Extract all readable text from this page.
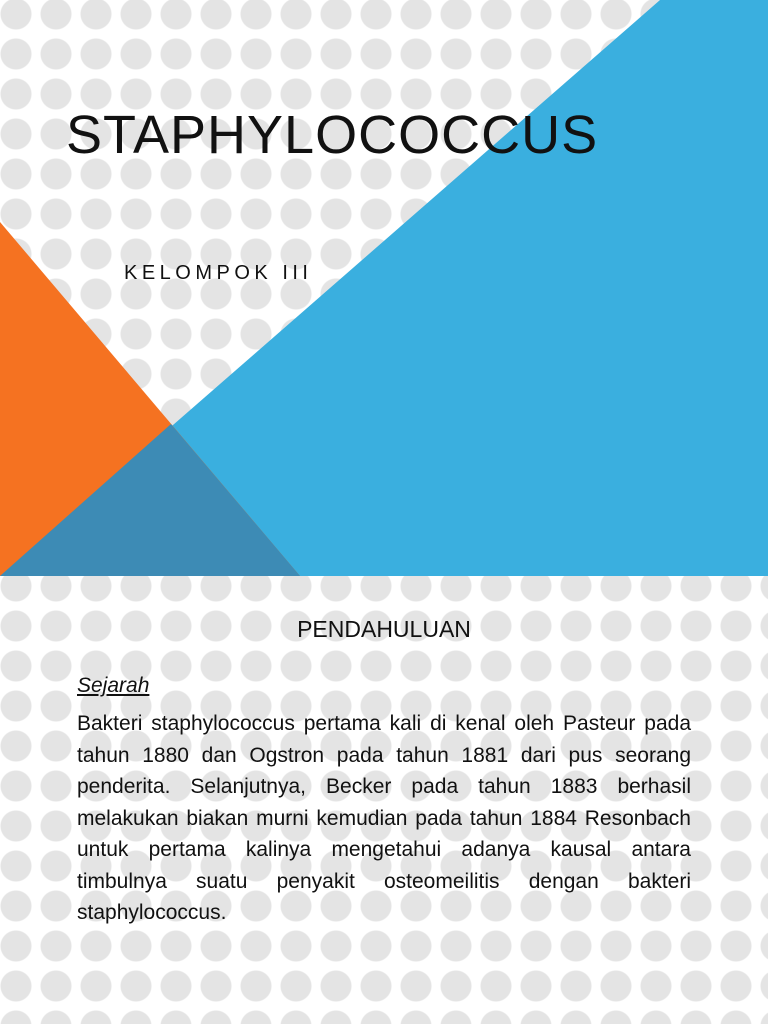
STAPHYLOCOCCUS

KELOMPOK III

PENDAHULUAN

Sejarah

Bakteri staphylococcus pertama kali di kenal oleh Pasteur pada tahun 1880 dan Ogstron pada tahun 1881 dari pus seorang penderita. Selanjutnya, Becker pada tahun 1883 berhasil melakukan biakan murni kemudian pada tahun 1884 Resonbach untuk pertama kalinya mengetahui adanya kausal antara timbulnya suatu penyakit osteomeilitis dengan bakteri staphylococcus.
